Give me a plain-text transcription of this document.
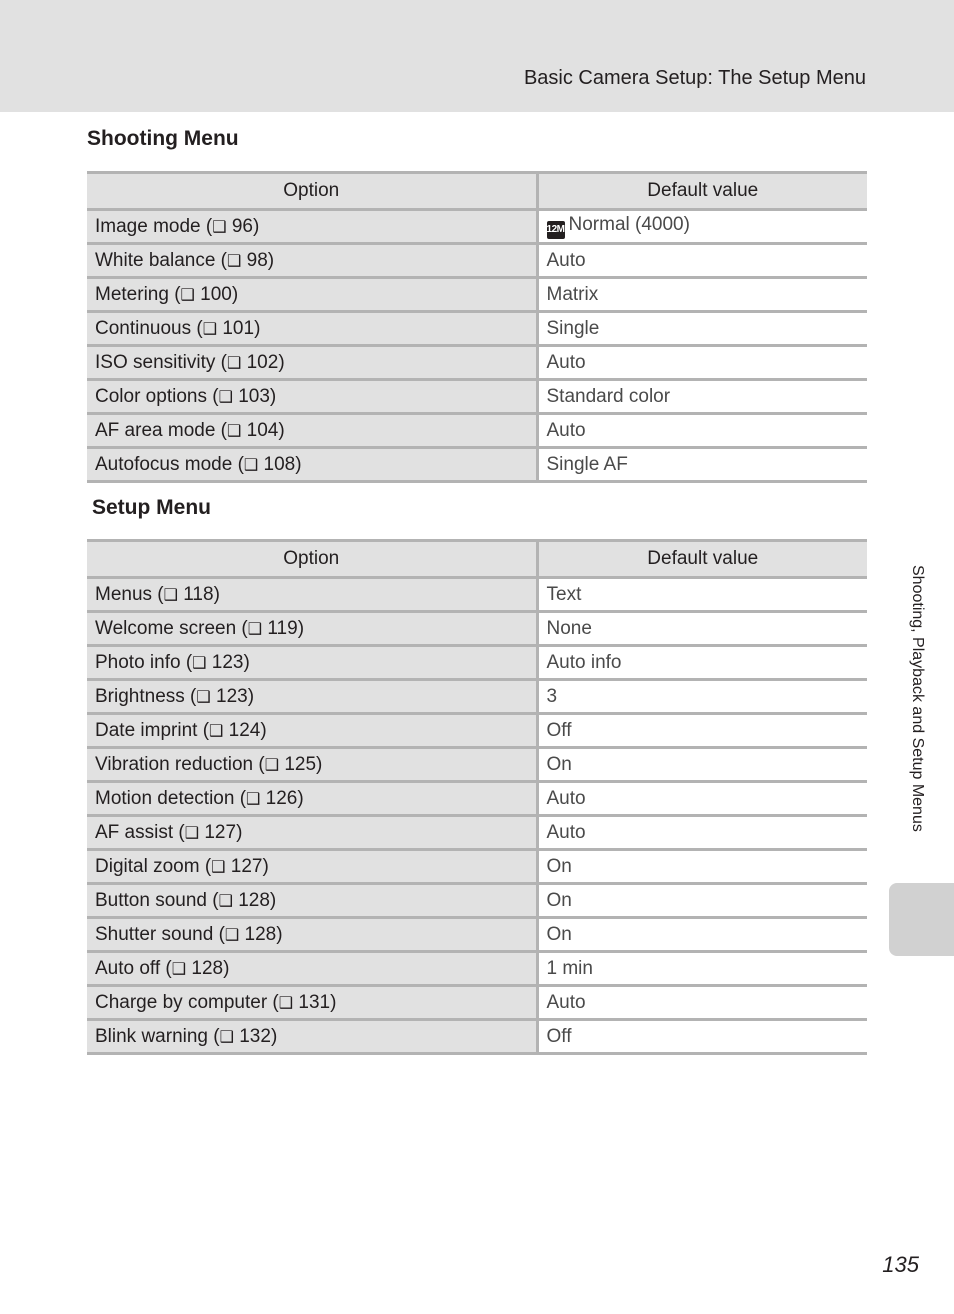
Basic Camera Setup: The Setup Menu
Shooting Menu
Option	Default value
Image mode (❑ 96)	12M Normal (4000)
White balance (❑ 98)	Auto
Metering (❑ 100)	Matrix
Continuous (❑ 101)	Single
ISO sensitivity (❑ 102)	Auto
Color options (❑ 103)	Standard color
AF area mode (❑ 104)	Auto
Autofocus mode (❑ 108)	Single AF
Setup Menu
Option	Default value
Menus (❑ 118)	Text
Welcome screen (❑ 119)	None
Photo info (❑ 123)	Auto info
Brightness (❑ 123)	3
Date imprint (❑ 124)	Off
Vibration reduction (❑ 125)	On
Motion detection (❑ 126)	Auto
AF assist (❑ 127)	Auto
Digital zoom (❑ 127)	On
Button sound (❑ 128)	On
Shutter sound (❑ 128)	On
Auto off (❑ 128)	1 min
Charge by computer (❑ 131)	Auto
Blink warning (❑ 132)	Off
Shooting, Playback and Setup Menus
135
